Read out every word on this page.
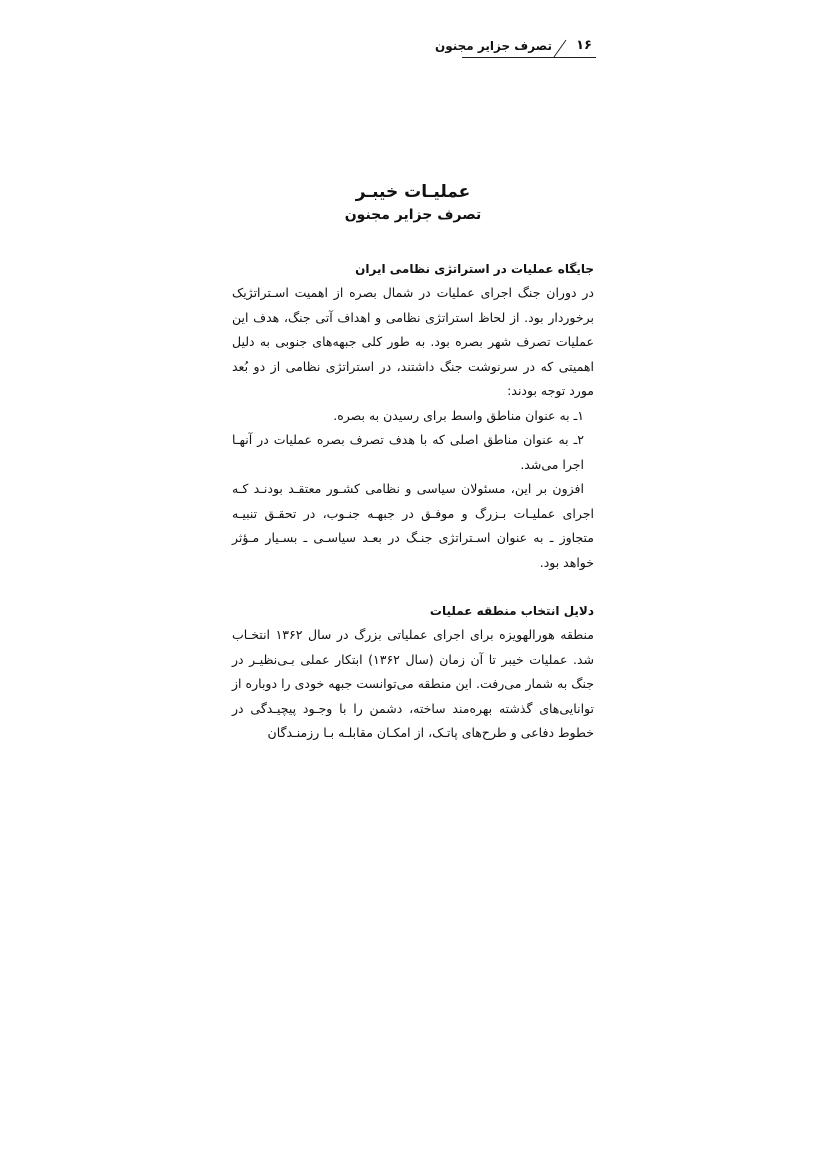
۱۶
تصرف جزایر مجنون
عملیـات خیبـر
تصرف جزایر مجنون

جایگاه عملیات در استراتژی نظامی ایران

در دوران جنگ اجرای عملیات در شمال بصره از اهمیت اسـتراتژیک برخوردار بود. از لحاظ استراتژی نظامی و اهداف آتی جنگ، هدف این عملیات تصرف شهر بصره بود. به طور کلی جبهه‌های جنوبی به دلیل اهمیتی که در سرنوشت جنگ داشتند، در استراتژی نظامی از دو بُعد مورد توجه بودند:

۱ـ به عنوان مناطق واسط برای رسیدن به بصره.

۲ـ به عنوان مناطق اصلی که با هدف تصرف بصره عملیات در آنهـا اجرا می‌شد.

افزون بر این، مسئولان سیاسی و نظامی کشـور معتقـد بودنـد کـه اجرای عملیـات بـزرگ و موفـق در جبهـه جنـوب، در تحقـق تنبیـه متجاوز ـ به عنوان اسـتراتژی جنـگ در بعـد سیاسـی ـ بسـیار مـؤثر خواهد بود.

دلایل انتخاب منطقه عملیات

منطقه هورالهویزه برای اجرای عملیاتی بزرگ در سال ۱۳۶۲ انتخـاب شد. عملیات خیبر تا آن زمان (سال ۱۳۶۲) ابتکار عملی بـی‌نظیـر در جنگ به شمار می‌رفت. این منطقه می‌توانست جبهه خودی را دوباره از توانایی‌های گذشته بهره‌مند ساخته، دشمن را با وجـود پیچیـدگی در خطوط دفاعی و طرح‌های پاتـک، از امکـان مقابلـه بـا رزمنـدگان
